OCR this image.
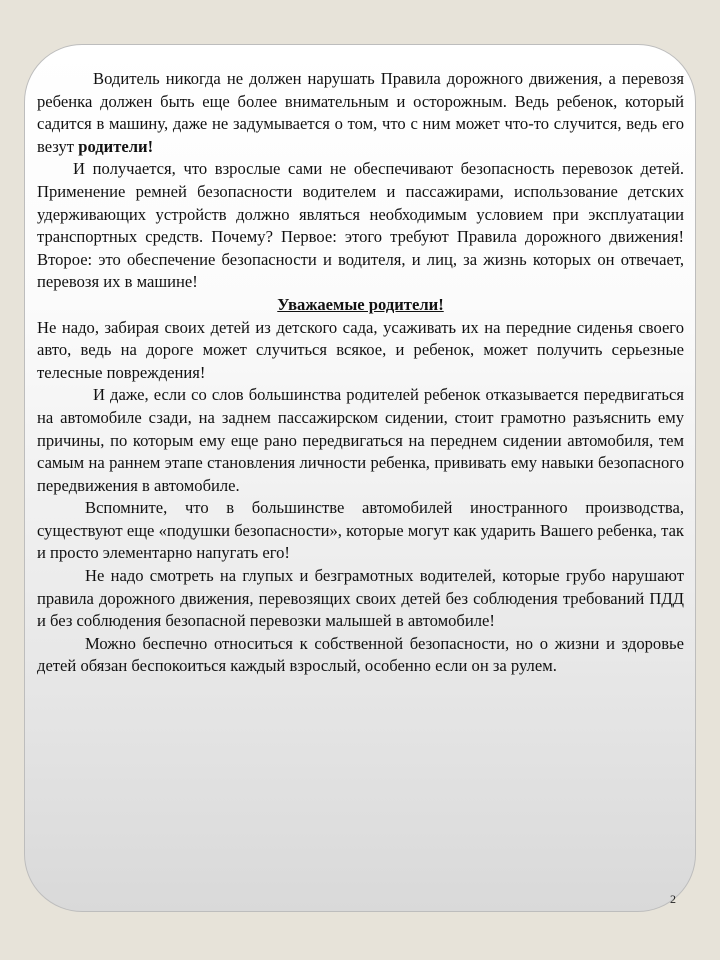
Водитель никогда не должен нарушать Правила дорожного движения, а перевозя ребенка должен быть еще более внимательным и осторожным. Ведь ребенок, который садится в машину, даже не задумывается о том, что с ним может что-то случится, ведь его везут родители!

И получается, что взрослые сами не обеспечивают безопасность перевозок детей. Применение ремней безопасности водителем и пассажирами, использование детских удерживающих устройств должно являться необходимым условием при эксплуатации транспортных средств. Почему? Первое: этого требуют Правила дорожного движения! Второе: это обеспечение безопасности и водителя, и лиц, за жизнь которых он отвечает, перевозя их в машине!

Уважаемые родители!

Не надо, забирая своих детей из детского сада, усаживать их на передние сиденья своего авто, ведь на дороге может случиться всякое, и ребенок, может получить серьезные телесные повреждения!

И даже, если со слов большинства родителей ребенок отказывается передвигаться на автомобиле сзади, на заднем пассажирском сидении, стоит грамотно разъяснить ему причины, по которым ему еще рано передвигаться на переднем сидении автомобиля, тем самым на раннем этапе становления личности ребенка, прививать ему навыки безопасного передвижения в автомобиле.

Вспомните, что в большинстве автомобилей иностранного производства, существуют еще «подушки безопасности», которые могут как ударить Вашего ребенка, так и просто элементарно напугать его!

Не надо смотреть на глупых и безграмотных водителей, которые грубо нарушают правила дорожного движения, перевозящих своих детей без соблюдения требований ПДД и без соблюдения безопасной перевозки малышей в автомобиле!

Можно беспечно относиться к собственной безопасности, но о жизни и здоровье детей обязан беспокоиться каждый взрослый, особенно если он за рулем.

2
